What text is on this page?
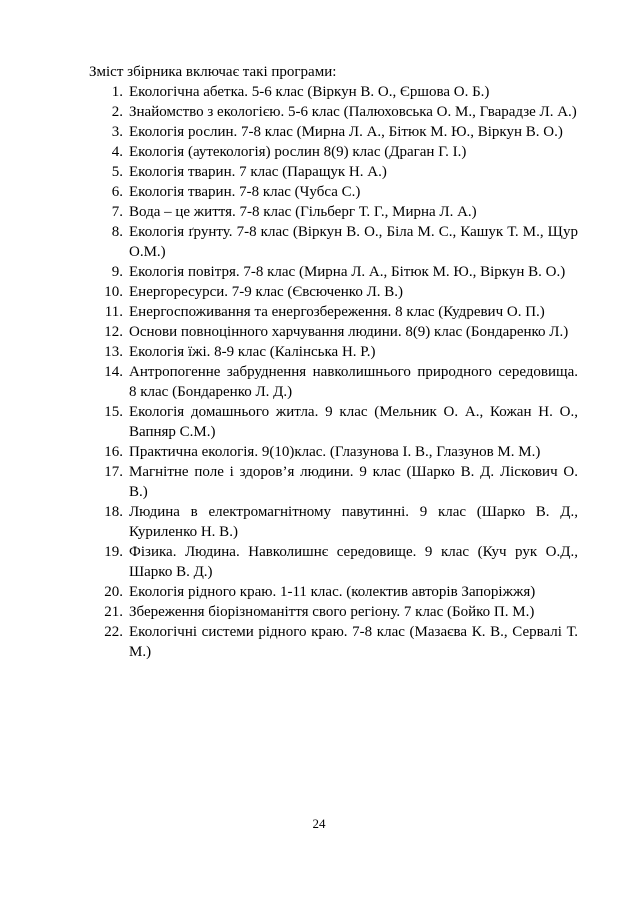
Зміст збірника включає такі програми:

1. Екологічна абетка. 5-6 клас (Віркун В. О., Єршова О. Б.)
2. Знайомство з екологією. 5-6 клас (Палюховська О. М., Гварадзе Л. А.)
3. Екологія рослин. 7-8 клас (Мирна Л. А., Бітюк М. Ю., Віркун В. О.)
4. Екологія (аутекологія) рослин 8(9) клас (Драган Г. І.)
5. Екологія тварин. 7 клас (Паращук Н. А.)
6. Екологія тварин. 7-8 клас (Чубса С.)
7. Вода – це життя. 7-8 клас (Гільберг Т. Г., Мирна Л. А.)
8. Екологія ґрунту. 7-8 клас (Віркун В. О., Біла М. С., Кашук Т. М., Щур О.М.)
9. Екологія повітря. 7-8 клас (Мирна Л. А., Бітюк М. Ю., Віркун В. О.)
10. Енергоресурси. 7-9 клас (Євсюченко Л. В.)
11. Енергоспоживання та енергозбереження. 8 клас (Кудревич О. П.)
12. Основи повноцінного харчування людини. 8(9) клас (Бондаренко Л.)
13. Екологія їжі. 8-9 клас (Калінська Н. Р.)
14. Антропогенне забруднення навколишнього природного середовища. 8 клас (Бондаренко Л. Д.)
15. Екологія домашнього житла. 9 клас (Мельник О. А., Кожан Н. О., Вапняр С.М.)
16. Практична екологія. 9(10)клас. (Глазунова І. В., Глазунов М. М.)
17. Магнітне поле і здоров’я людини. 9 клас (Шарко В. Д. Ліскович О. В.)
18. Людина в електромагнітному павутинні. 9 клас (Шарко В. Д., Куриленко Н. В.)
19. Фізика. Людина. Навколишнє середовище. 9 клас (Куч рук О.Д., Шарко В. Д.)
20. Екологія рідного краю. 1-11 клас. (колектив авторів Запоріжжя)
21. Збереження біорізноманіття свого регіону. 7 клас (Бойко П. М.)
22. Екологічні системи рідного краю. 7-8 клас (Мазаєва К. В., Сервалі Т. М.)
24
